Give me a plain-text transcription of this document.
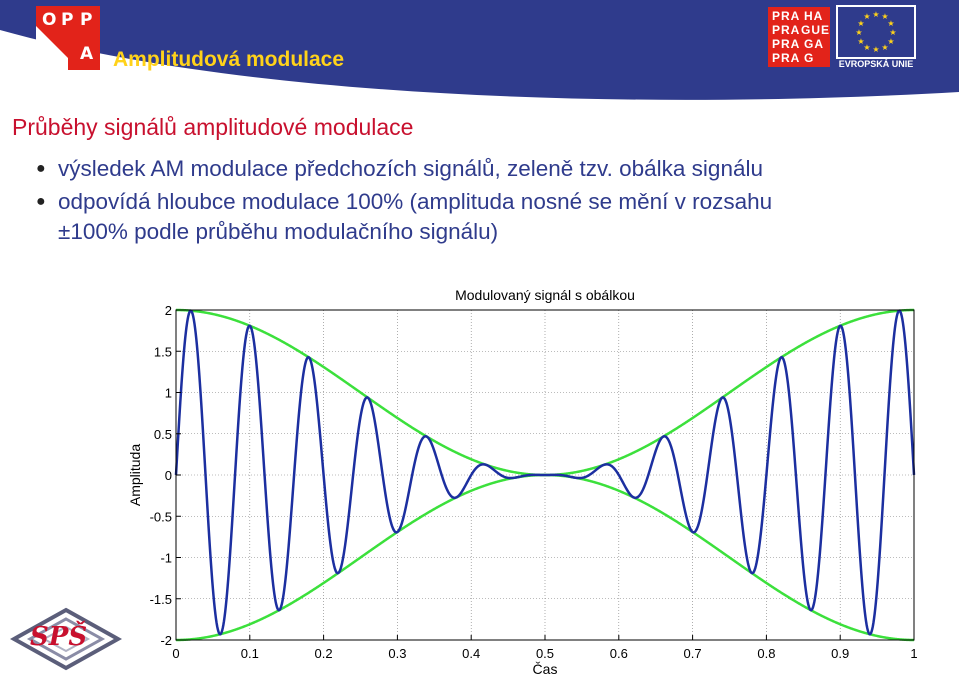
O P P
A Amplitudová modulace
PRA HA
PRA GUE
PRA GA
PRA G
★ ★
★
★
★
★
★
★
★
★
★
★
EVROPSKÁ UNIE
Průběhy signálů amplitudové modulace
● výsledek AM modulace předchozích signálů, zeleně tzv. obálka signálu
● odpovídá hloubce modulace 100% (amplituda nosné se mění v rozsahu
±100% podle průběhu modulačního signálu)
0	0.1	0.2	0.3	0.4	0.5	0.6	0.7	0.8	0.9	1
2
1.5
1
0.5
0
-0.5
-1
-1.5
-2
Modulovaný signál s obálkou
Čas
Amplituda
SPŠ
